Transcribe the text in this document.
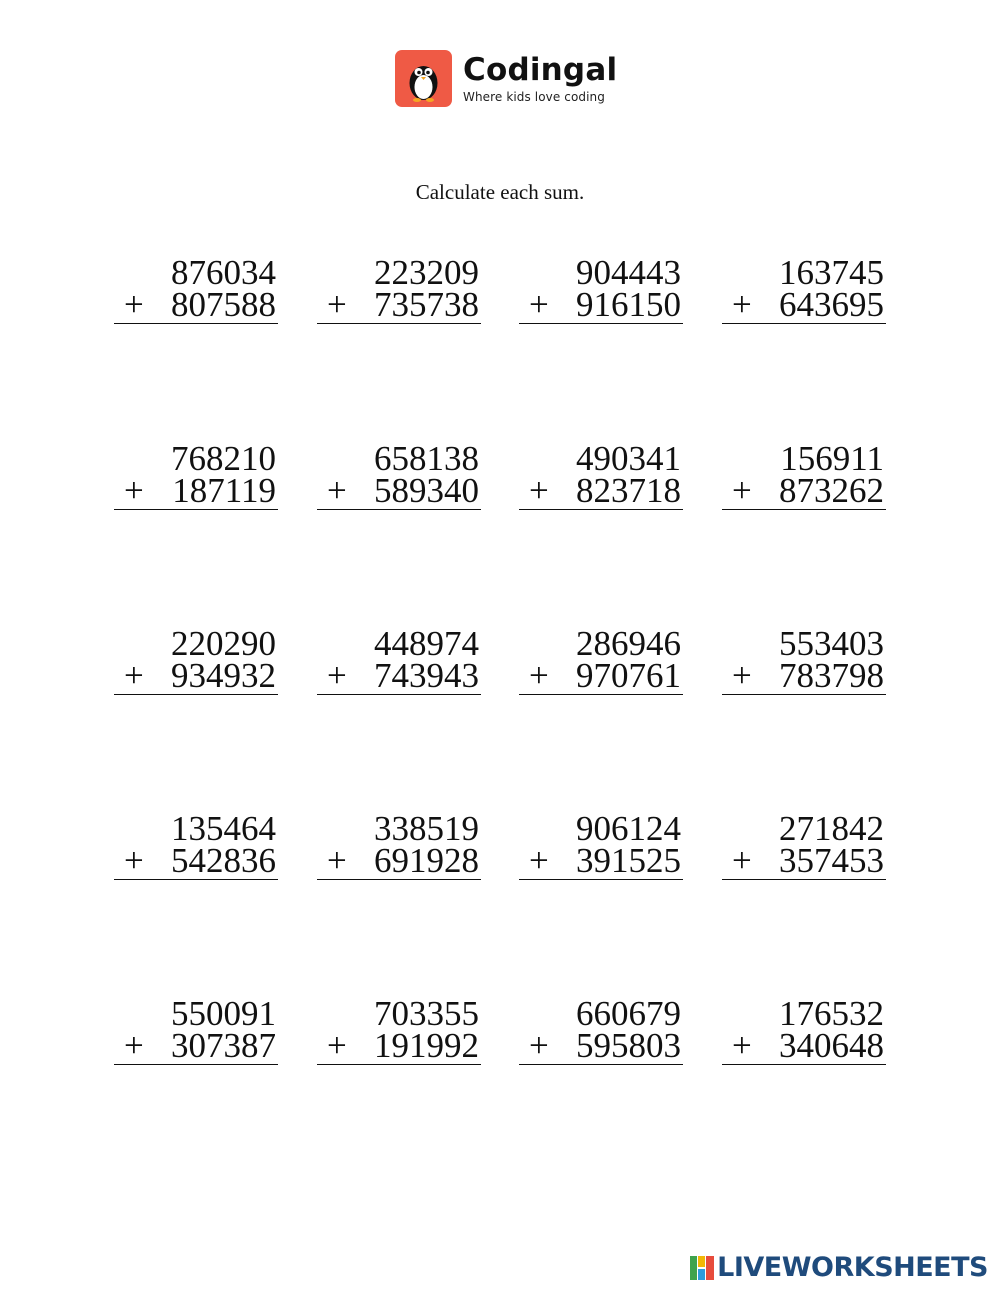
Codingal
Where kids love coding
Calculate each sum.
876034
+ 807588
223209
+ 735738
904443
+ 916150
163745
+ 643695
768210
+ 187119
658138
+ 589340
490341
+ 823718
156911
+ 873262
220290
+ 934932
448974
+ 743943
286946
+ 970761
553403
+ 783798
135464
+ 542836
338519
+ 691928
906124
+ 391525
271842
+ 357453
550091
+ 307387
703355
+ 191992
660679
+ 595803
176532
+ 340648
LIVEWORKSHEETS
